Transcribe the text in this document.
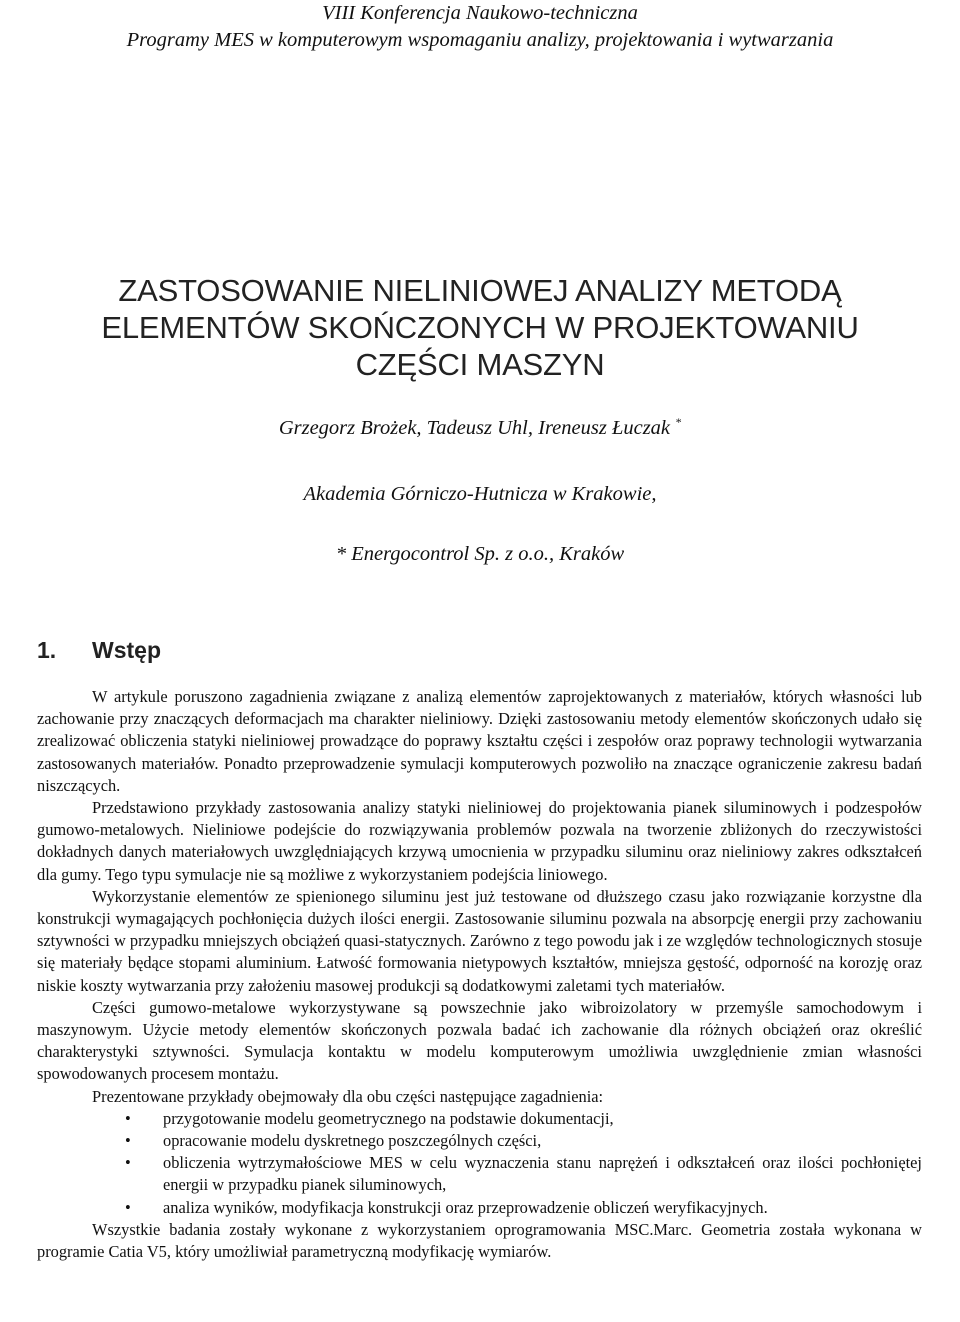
VIII Konferencja Naukowo-techniczna
Programy MES w komputerowym wspomaganiu analizy, projektowania i wytwarzania
ZASTOSOWANIE NIELINIOWEJ ANALIZY METODĄ
ELEMENTÓW SKOŃCZONYCH W PROJEKTOWANIU
CZĘŚCI MASZYN
Grzegorz Brożek, Tadeusz Uhl, Ireneusz Łuczak *
Akademia Górniczo-Hutnicza w Krakowie,
* Energocontrol Sp. z o.o., Kraków
1. Wstęp

W artykule poruszono zagadnienia związane z analizą elementów zaprojektowanych z materiałów, których własności lub zachowanie przy znaczących deformacjach ma charakter nieliniowy. Dzięki zastosowaniu metody elementów skończonych udało się zrealizować obliczenia statyki nieliniowej prowadzące do poprawy kształtu części i zespołów oraz poprawy technologii wytwarzania zastosowanych materiałów. Ponadto przeprowadzenie symulacji komputerowych pozwoliło na znaczące ograniczenie zakresu badań niszczących.

Przedstawiono przykłady zastosowania analizy statyki nieliniowej do projektowania pianek siluminowych i podzespołów gumowo-metalowych. Nieliniowe podejście do rozwiązywania problemów pozwala na tworzenie zbliżonych do rzeczywistości dokładnych danych materiałowych uwzględniających krzywą umocnienia w przypadku siluminu oraz nieliniowy zakres odkształceń dla gumy. Tego typu symulacje nie są możliwe z wykorzystaniem podejścia liniowego.

Wykorzystanie elementów ze spienionego siluminu jest już testowane od dłuższego czasu jako rozwiązanie korzystne dla konstrukcji wymagających pochłonięcia dużych ilości energii. Zastosowanie siluminu pozwala na absorpcję energii przy zachowaniu sztywności w przypadku mniejszych obciążeń quasi-statycznych. Zarówno z tego powodu jak i ze względów technologicznych stosuje się materiały będące stopami aluminium. Łatwość formowania nietypowych kształtów, mniejsza gęstość, odporność na korozję oraz niskie koszty wytwarzania przy założeniu masowej produkcji są dodatkowymi zaletami tych materiałów.

Części gumowo-metalowe wykorzystywane są powszechnie jako wibroizolatory w przemyśle samochodowym i maszynowym. Użycie metody elementów skończonych pozwala badać ich zachowanie dla różnych obciążeń oraz określić charakterystyki sztywności. Symulacja kontaktu w modelu komputerowym umożliwia uwzględnienie zmian własności spowodowanych procesem montażu.

Prezentowane przykłady obejmowały dla obu części następujące zagadnienia:

• przygotowanie modelu geometrycznego na podstawie dokumentacji,
• opracowanie modelu dyskretnego poszczególnych części,
• obliczenia wytrzymałościowe MES w celu wyznaczenia stanu naprężeń i odkształceń oraz ilości pochłoniętej energii w przypadku pianek siluminowych,
• analiza wyników, modyfikacja konstrukcji oraz przeprowadzenie obliczeń weryfikacyjnych.

Wszystkie badania zostały wykonane z wykorzystaniem oprogramowania MSC.Marc. Geometria została wykonana w programie Catia V5, który umożliwiał parametryczną modyfikację wymiarów.
